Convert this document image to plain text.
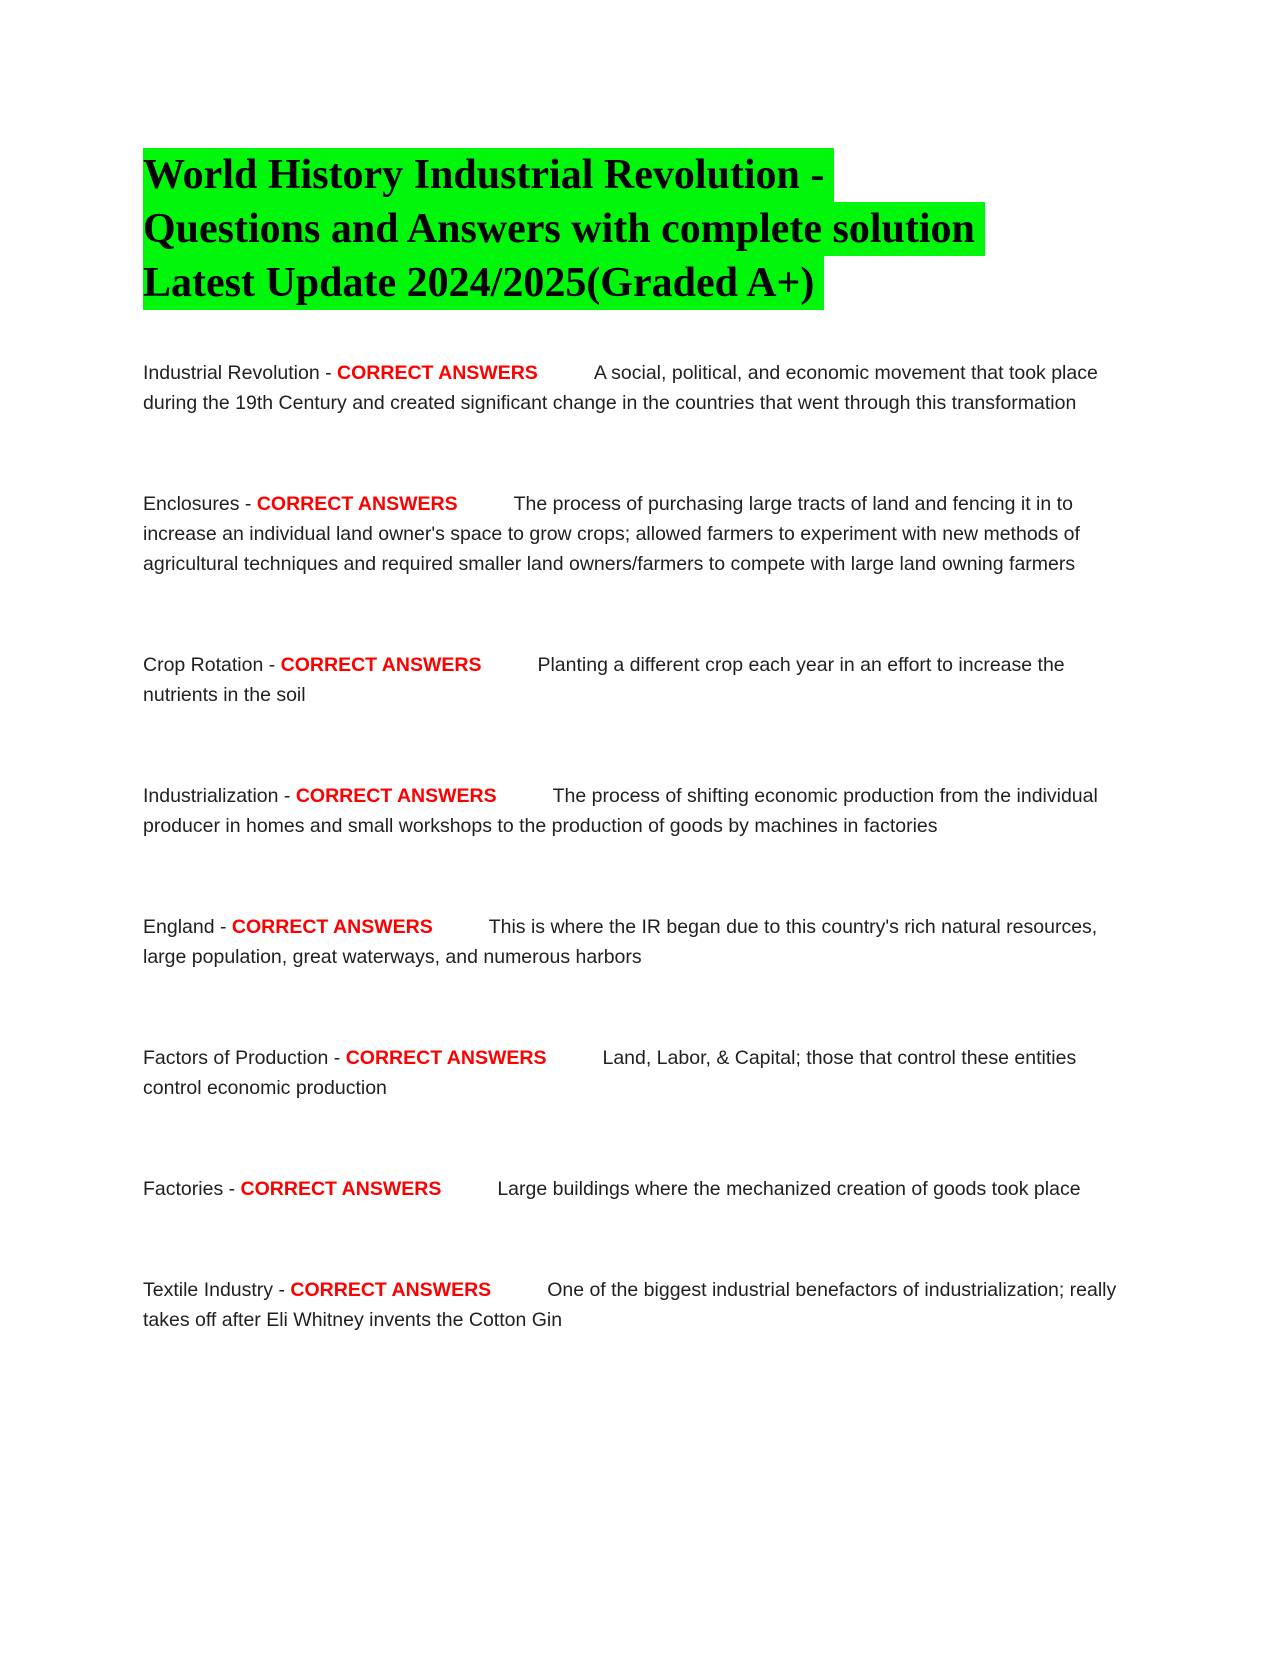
World History Industrial Revolution -
Questions and Answers with complete solution
Latest Update 2024/2025(Graded A+)

Industrial Revolution - CORRECT ANSWERS	A social, political, and economic movement that took place during the 19th Century and created significant change in the countries that went through this transformation

Enclosures - CORRECT ANSWERS	The process of purchasing large tracts of land and fencing it in to increase an individual land owner's space to grow crops; allowed farmers to experiment with new methods of agricultural techniques and required smaller land owners/farmers to compete with large land owning farmers

Crop Rotation - CORRECT ANSWERS	Planting a different crop each year in an effort to increase the nutrients in the soil

Industrialization - CORRECT ANSWERS	The process of shifting economic production from the individual producer in homes and small workshops to the production of goods by machines in factories

England - CORRECT ANSWERS	This is where the IR began due to this country's rich natural resources, large population, great waterways, and numerous harbors

Factors of Production - CORRECT ANSWERS	Land, Labor, & Capital; those that control these entities control economic production

Factories - CORRECT ANSWERS	Large buildings where the mechanized creation of goods took place

Textile Industry - CORRECT ANSWERS	One of the biggest industrial benefactors of industrialization; really takes off after Eli Whitney invents the Cotton Gin
